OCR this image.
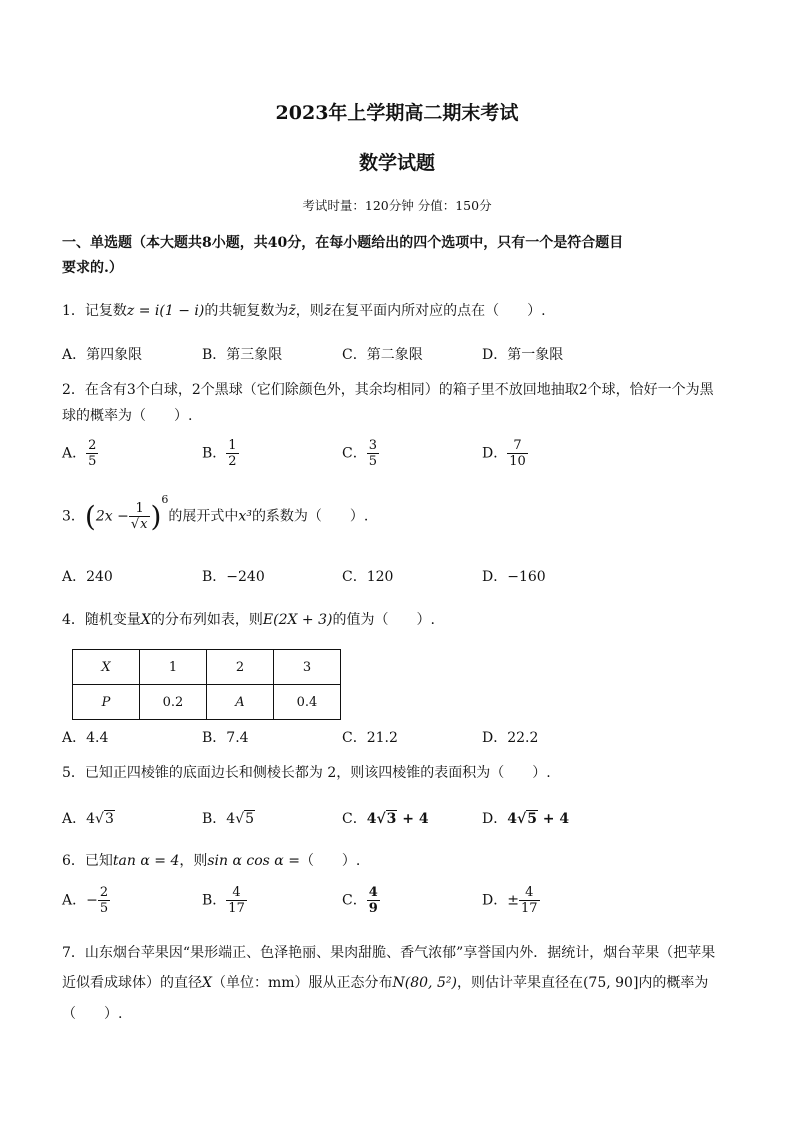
2023年上学期高二期末考试
数学试题
考试时量：120分钟 分值：150分
一、单选题（本大题共8小题，共40分，在每小题给出的四个选项中，只有一个是符合题目
要求的.）
1．记复数z = i(1 − i)的共轭复数为z̄，则z̄在复平面内所对应的点在（　　）.
A．第四象限	B．第三象限	C．第二象限	D．第一象限
2．在含有3个白球，2个黑球（它们除颜色外，其余均相同）的箱子里不放回地抽取2个球，恰好一个为黑
球的概率为（　　）.
A． $\frac{2}{5}$	B． $\frac{1}{2}$	C． $\frac{3}{5}$	D． $\frac{7}{10}$
3．$(2x - \frac{1}{√x} )^6$的展开式中x³的系数为（　　）.
A．240	B．−240	C．120	D．−160
4．随机变量X的分布列如表，则E(2X + 3)的值为（　　）.
X	1	2	3
P	0.2	A	0.4
A．4.4	B．7.4	C．21.2	D．22.2
5．已知正四棱锥的底面边长和侧棱长都为 2，则该四棱锥的表面积为（　　）.
A．4√3	B．4√5	C．4√3 + 4	D．4√5 + 4
6．已知tan α = 4，则sin α cos α =（　　）.
A．− $\frac{2}{5}$	B． $\frac{4}{17}$	C． $\frac{4}{9}$	D．± $\frac{4}{17}$
7．山东烟台苹果因“果形端正、色泽艳丽、果肉甜脆、香气浓郁”享誉国内外．据统计，烟台苹果（把苹果
近似看成球体）的直径X（单位：mm）服从正态分布N(80, 5²)，则估计苹果直径在(75, 90]内的概率为
（　　）.
